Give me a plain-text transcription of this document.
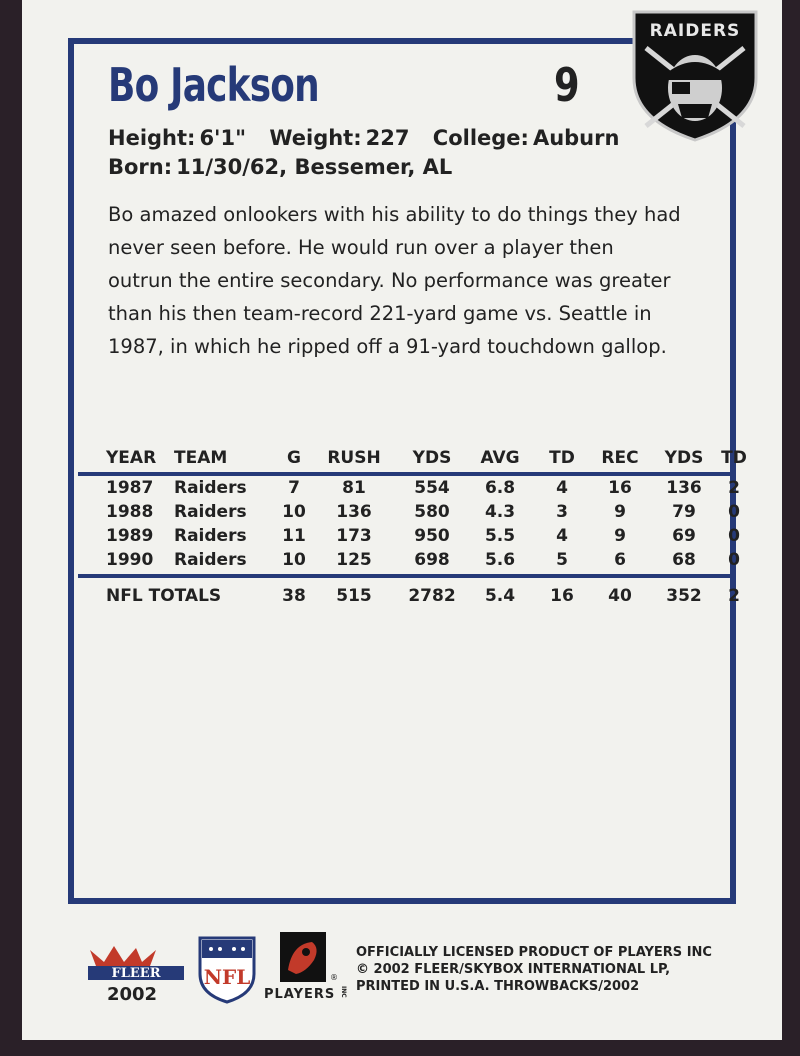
Bo Jackson	9
RAIDERS
Height: 6'1" Weight: 227 College: Auburn
Born: 11/30/62, Bessemer, AL
Bo amazed onlookers with his ability to do things they had
never seen before. He would run over a player then
outrun the entire secondary. No performance was greater
than his then team-record 221-yard game vs. Seattle in
1987, in which he ripped off a 91-yard touchdown gallop.
YEAR TEAM	G RUSH YDS AVG TD REC YDS TD
1987 Raiders 7 81	554 6.8 4 16 136 2
1988 Raiders 10 136	580 4.3 3	9	79 0
1989 Raiders 11 173	950 5.5 4	9	69 0
1990 Raiders 10 125	698 5.6 5	6	68 0
NFL TOTALS	38 515 2782 5.4 16 40 352 2
FLEER
2002
NFL	®
PLAYERS INC
OFFICIALLY LICENSED PRODUCT OF PLAYERS INC
© 2002 FLEER/SKYBOX INTERNATIONAL LP,
PRINTED IN U.S.A. THROWBACKS/2002
